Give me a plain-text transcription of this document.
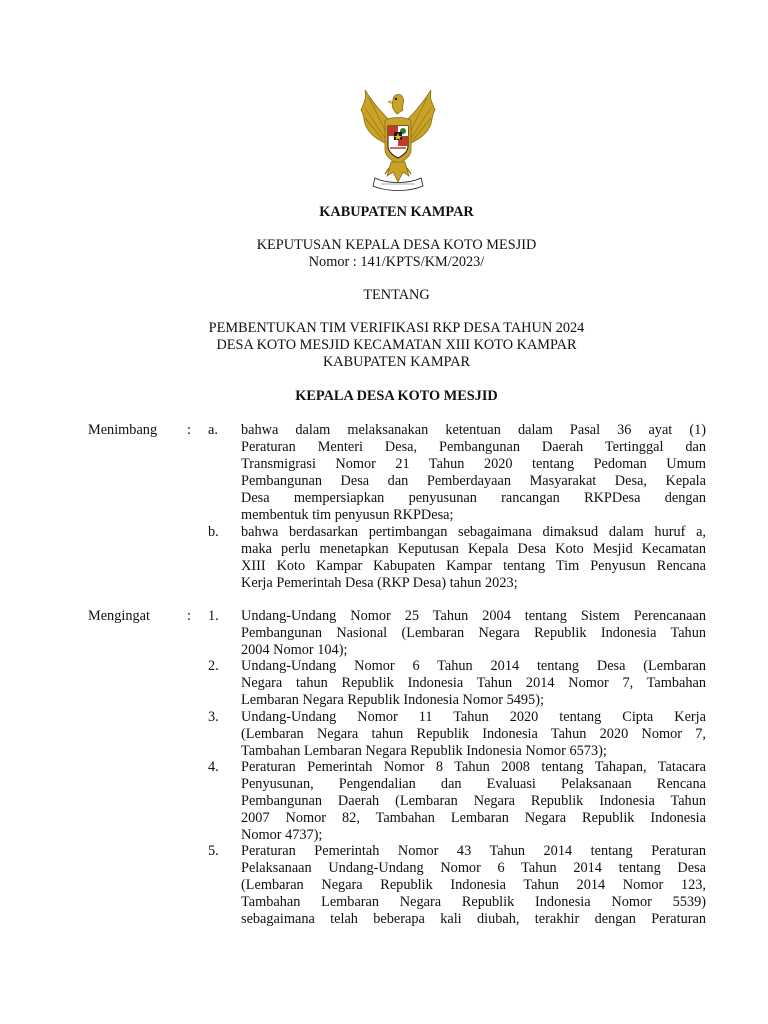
KABUPATEN KAMPAR
KEPUTUSAN KEPALA DESA KOTO MESJID
Nomor : 141/KPTS/KM/2023/
TENTANG
PEMBENTUKAN TIM VERIFIKASI RKP DESA TAHUN 2024
DESA KOTO MESJID KECAMATAN XIII KOTO KAMPAR
KABUPATEN KAMPAR
KEPALA DESA KOTO MESJID
Menimbang : a. bahwa dalam melaksanakan ketentuan dalam Pasal 36 ayat (1)
Peraturan Menteri Desa, Pembangunan Daerah Tertinggal dan
Transmigrasi Nomor 21 Tahun 2020 tentang Pedoman Umum
Pembangunan Desa dan Pemberdayaan Masyarakat Desa, Kepala
Desa mempersiapkan penyusunan rancangan RKPDesa dengan
membentuk tim penyusun RKPDesa;
b. bahwa berdasarkan pertimbangan sebagaimana dimaksud dalam huruf a,
maka perlu menetapkan Keputusan Kepala Desa Koto Mesjid Kecamatan
XIII Koto Kampar Kabupaten Kampar tentang Tim Penyusun Rencana
Kerja Pemerintah Desa (RKP Desa) tahun 2023;
Mengingat	: 1. Undang-Undang Nomor 25 Tahun 2004 tentang Sistem Perencanaan
Pembangunan Nasional (Lembaran Negara Republik Indonesia Tahun
2004 Nomor 104);
2. Undang-Undang Nomor 6 Tahun 2014 tentang Desa (Lembaran
Negara tahun Republik Indonesia Tahun 2014 Nomor 7, Tambahan
Lembaran Negara Republik Indonesia Nomor 5495);
3. Undang-Undang Nomor 11 Tahun 2020 tentang Cipta Kerja
(Lembaran Negara tahun Republik Indonesia Tahun 2020 Nomor 7,
Tambahan Lembaran Negara Republik Indonesia Nomor 6573);
4. Peraturan Pemerintah Nomor 8 Tahun 2008 tentang Tahapan, Tatacara
Penyusunan, Pengendalian dan Evaluasi Pelaksanaan Rencana
Pembangunan Daerah (Lembaran Negara Republik Indonesia Tahun
2007 Nomor 82, Tambahan Lembaran Negara Republik Indonesia
Nomor 4737);
5. Peraturan Pemerintah Nomor 43 Tahun 2014 tentang Peraturan
Pelaksanaan Undang-Undang Nomor 6 Tahun 2014 tentang Desa
(Lembaran Negara Republik Indonesia Tahun 2014 Nomor 123,
Tambahan Lembaran Negara Republik Indonesia Nomor 5539)
sebagaimana telah beberapa kali diubah, terakhir dengan Peraturan
